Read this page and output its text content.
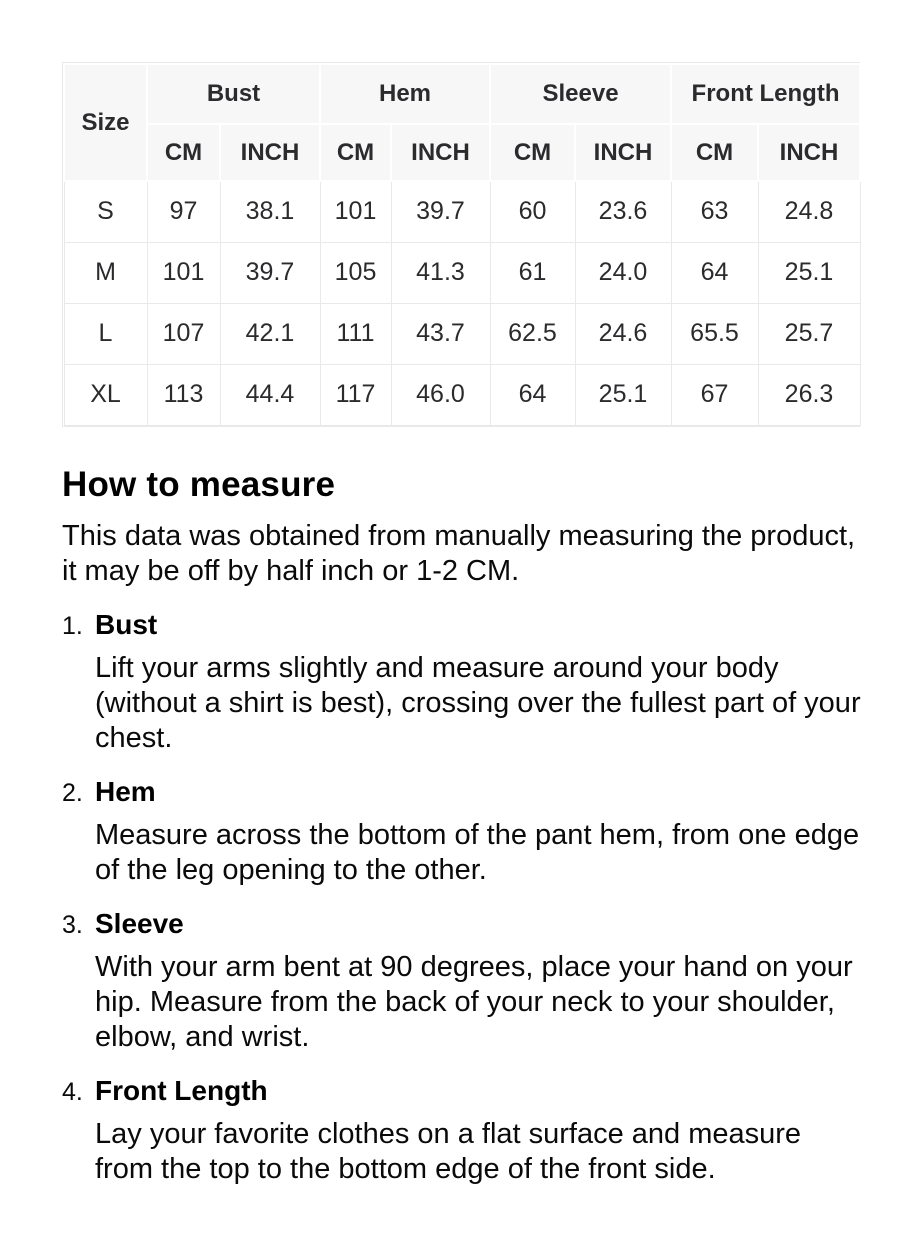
Size	Bust		Hem		Sleeve		Front Length	
	CM	INCH	CM	INCH	CM	INCH	CM	INCH
S	97	38.1	101	39.7	60	23.6	63	24.8
M	101	39.7	105	41.3	61	24.0	64	25.1
L	107	42.1	111	43.7	62.5	24.6	65.5	25.7
XL	113	44.4	117	46.0	64	25.1	67	26.3
How to measure

This data was obtained from manually measuring the product, it may be off by half inch or 1-2 CM.

1. Bust

Lift your arms slightly and measure around your body (without a shirt is best), crossing over the fullest part of your chest.

2. Hem

Measure across the bottom of the pant hem, from one edge of the leg opening to the other.

3. Sleeve

With your arm bent at 90 degrees, place your hand on your hip. Measure from the back of your neck to your shoulder, elbow, and wrist.

4. Front Length

Lay your favorite clothes on a flat surface and measure from the top to the bottom edge of the front side.
